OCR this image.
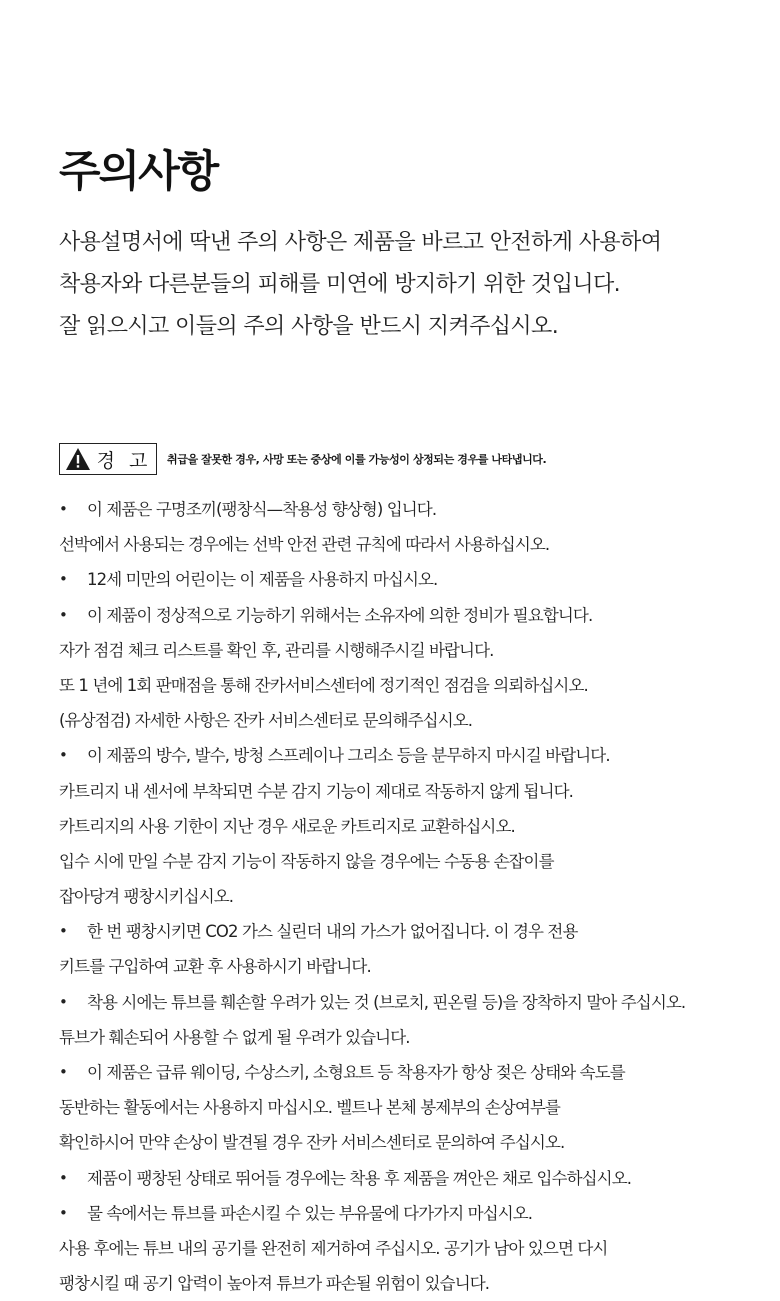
주의사항
사용설명서에 딱낸 주의 사항은 제품을 바르고 안전하게 사용하여
착용자와 다른분들의 피해를 미연에 방지하기 위한 것입니다.
잘 읽으시고 이들의 주의 사항을 반드시 지켜주십시오.
경 고 취급을 잘못한 경우, 사망 또는 중상에 이를 가능성이 상정되는 경우를 나타냅니다.
• 이 제품은 구명조끼(팽창식—착용성 향상형) 입니다.
선박에서 사용되는 경우에는 선박 안전 관련 규칙에 따라서 사용하십시오.
• 12세 미만의 어린이는 이 제품을 사용하지 마십시오.
• 이 제품이 정상적으로 기능하기 위해서는 소유자에 의한 정비가 필요합니다.
자가 점검 체크 리스트를 확인 후, 관리를 시행해주시길 바랍니다.
또 1 년에 1회 판매점을 통해 잔카서비스센터에 정기적인 점검을 의뢰하십시오.
(유상점검) 자세한 사항은 잔카 서비스센터로 문의해주십시오.
• 이 제품의 방수, 발수, 방청 스프레이나 그리소 등을 분무하지 마시길 바랍니다.
카트리지 내 센서에 부착되면 수분 감지 기능이 제대로 작동하지 않게 됩니다.
카트리지의 사용 기한이 지난 경우 새로운 카트리지로 교환하십시오.
입수 시에 만일 수분 감지 기능이 작동하지 않을 경우에는 수동용 손잡이를
잡아당겨 팽창시키십시오.
• 한 번 팽창시키면 CO2 가스 실린더 내의 가스가 없어집니다. 이 경우 전용
키트를 구입하여 교환 후 사용하시기 바랍니다.
• 착용 시에는 튜브를 훼손할 우려가 있는 것 (브로치, 핀온릴 등)을 장착하지 말아 주십시오.
튜브가 훼손되어 사용할 수 없게 될 우려가 있습니다.
• 이 제품은 급류 웨이딩, 수상스키, 소형요트 등 착용자가 항상 젖은 상태와 속도를
동반하는 활동에서는 사용하지 마십시오. 벨트나 본체 봉제부의 손상여부를
확인하시어 만약 손상이 발견될 경우 잔카 서비스센터로 문의하여 주십시오.
• 제품이 팽창된 상태로 뛰어들 경우에는 착용 후 제품을 껴안은 채로 입수하십시오.
• 물 속에서는 튜브를 파손시킬 수 있는 부유물에 다가가지 마십시오.
사용 후에는 튜브 내의 공기를 완전히 제거하여 주십시오. 공기가 남아 있으면 다시
팽창시킬 때 공기 압력이 높아져 튜브가 파손될 위험이 있습니다.
